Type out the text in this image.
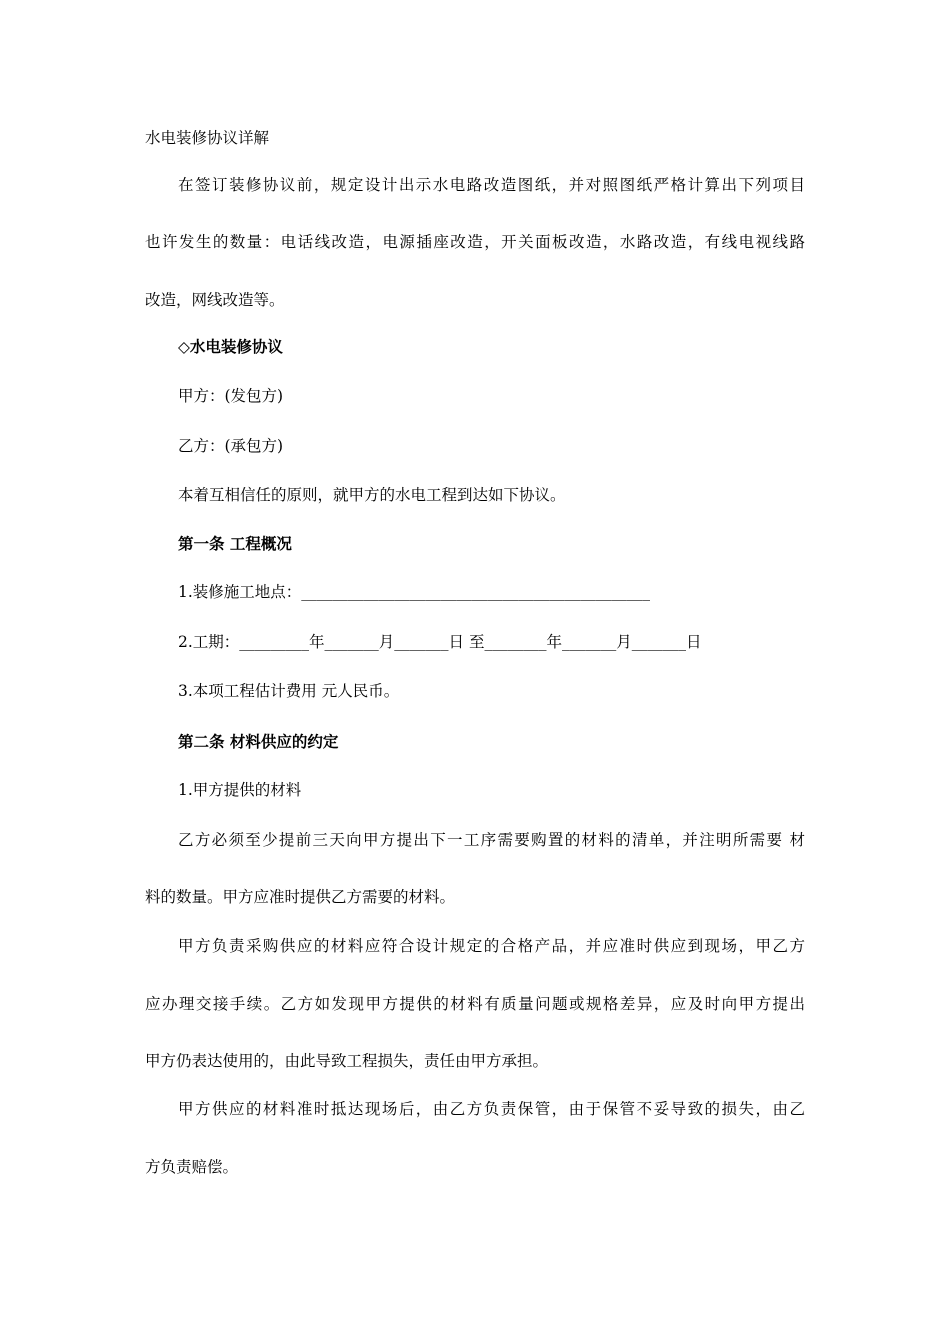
水电装修协议详解
在签订装修协议前，规定设计出示水电路改造图纸，并对照图纸严格计算出下列项目
也许发生的数量：电话线改造，电源插座改造，开关面板改造，水路改造，有线电视线路
改造，网线改造等。
◇水电装修协议
甲方：(发包方)
乙方：(承包方)
本着互相信任的原则，就甲方的水电工程到达如下协议。
第一条 工程概况
1.装修施工地点：_____________________________________________
2.工期：_________年_______月_______日 至________年_______月_______日
3.本项工程估计费用 元人民币。
第二条 材料供应的约定
1.甲方提供的材料
乙方必须至少提前三天向甲方提出下一工序需要购置的材料的清单，并注明所需要 材
料的数量。甲方应准时提供乙方需要的材料。
甲方负责采购供应的材料应符合设计规定的合格产品，并应准时供应到现场，甲乙方
应办理交接手续。乙方如发现甲方提供的材料有质量问题或规格差异，应及时向甲方提出
甲方仍表达使用的，由此导致工程损失，责任由甲方承担。
甲方供应的材料准时抵达现场后，由乙方负责保管，由于保管不妥导致的损失，由乙
方负责赔偿。
